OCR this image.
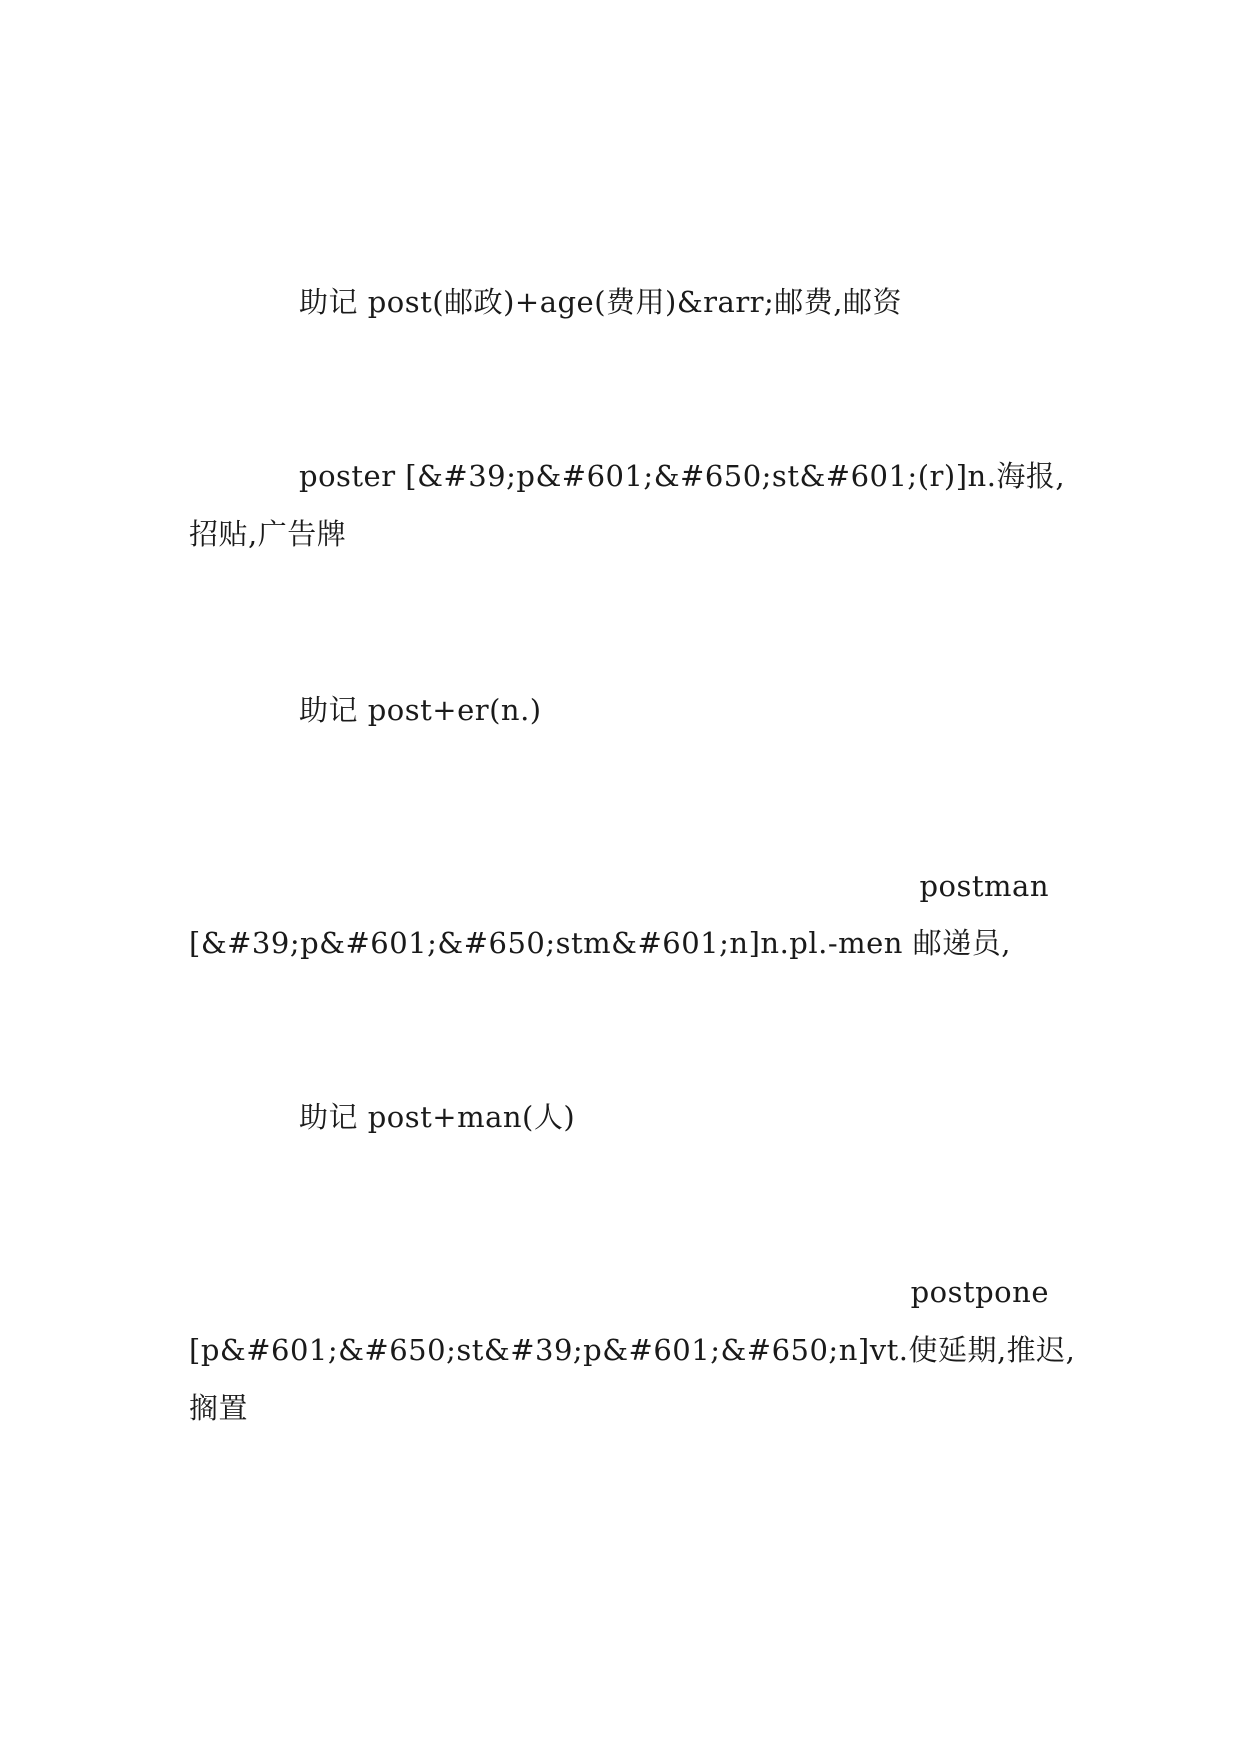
助记 post(邮政)+age(费用)&rarr;邮费,邮资
poster [&#39;p&#601;&#650;st&#601;(r)]n.海报,
招贴,广告牌
助记 post+er(n.)
postman
[&#39;p&#601;&#650;stm&#601;n]n.pl.-men 邮递员,
助记 post+man(人)
postpone
[p&#601;&#650;st&#39;p&#601;&#650;n]vt.使延期,推迟,
搁置
